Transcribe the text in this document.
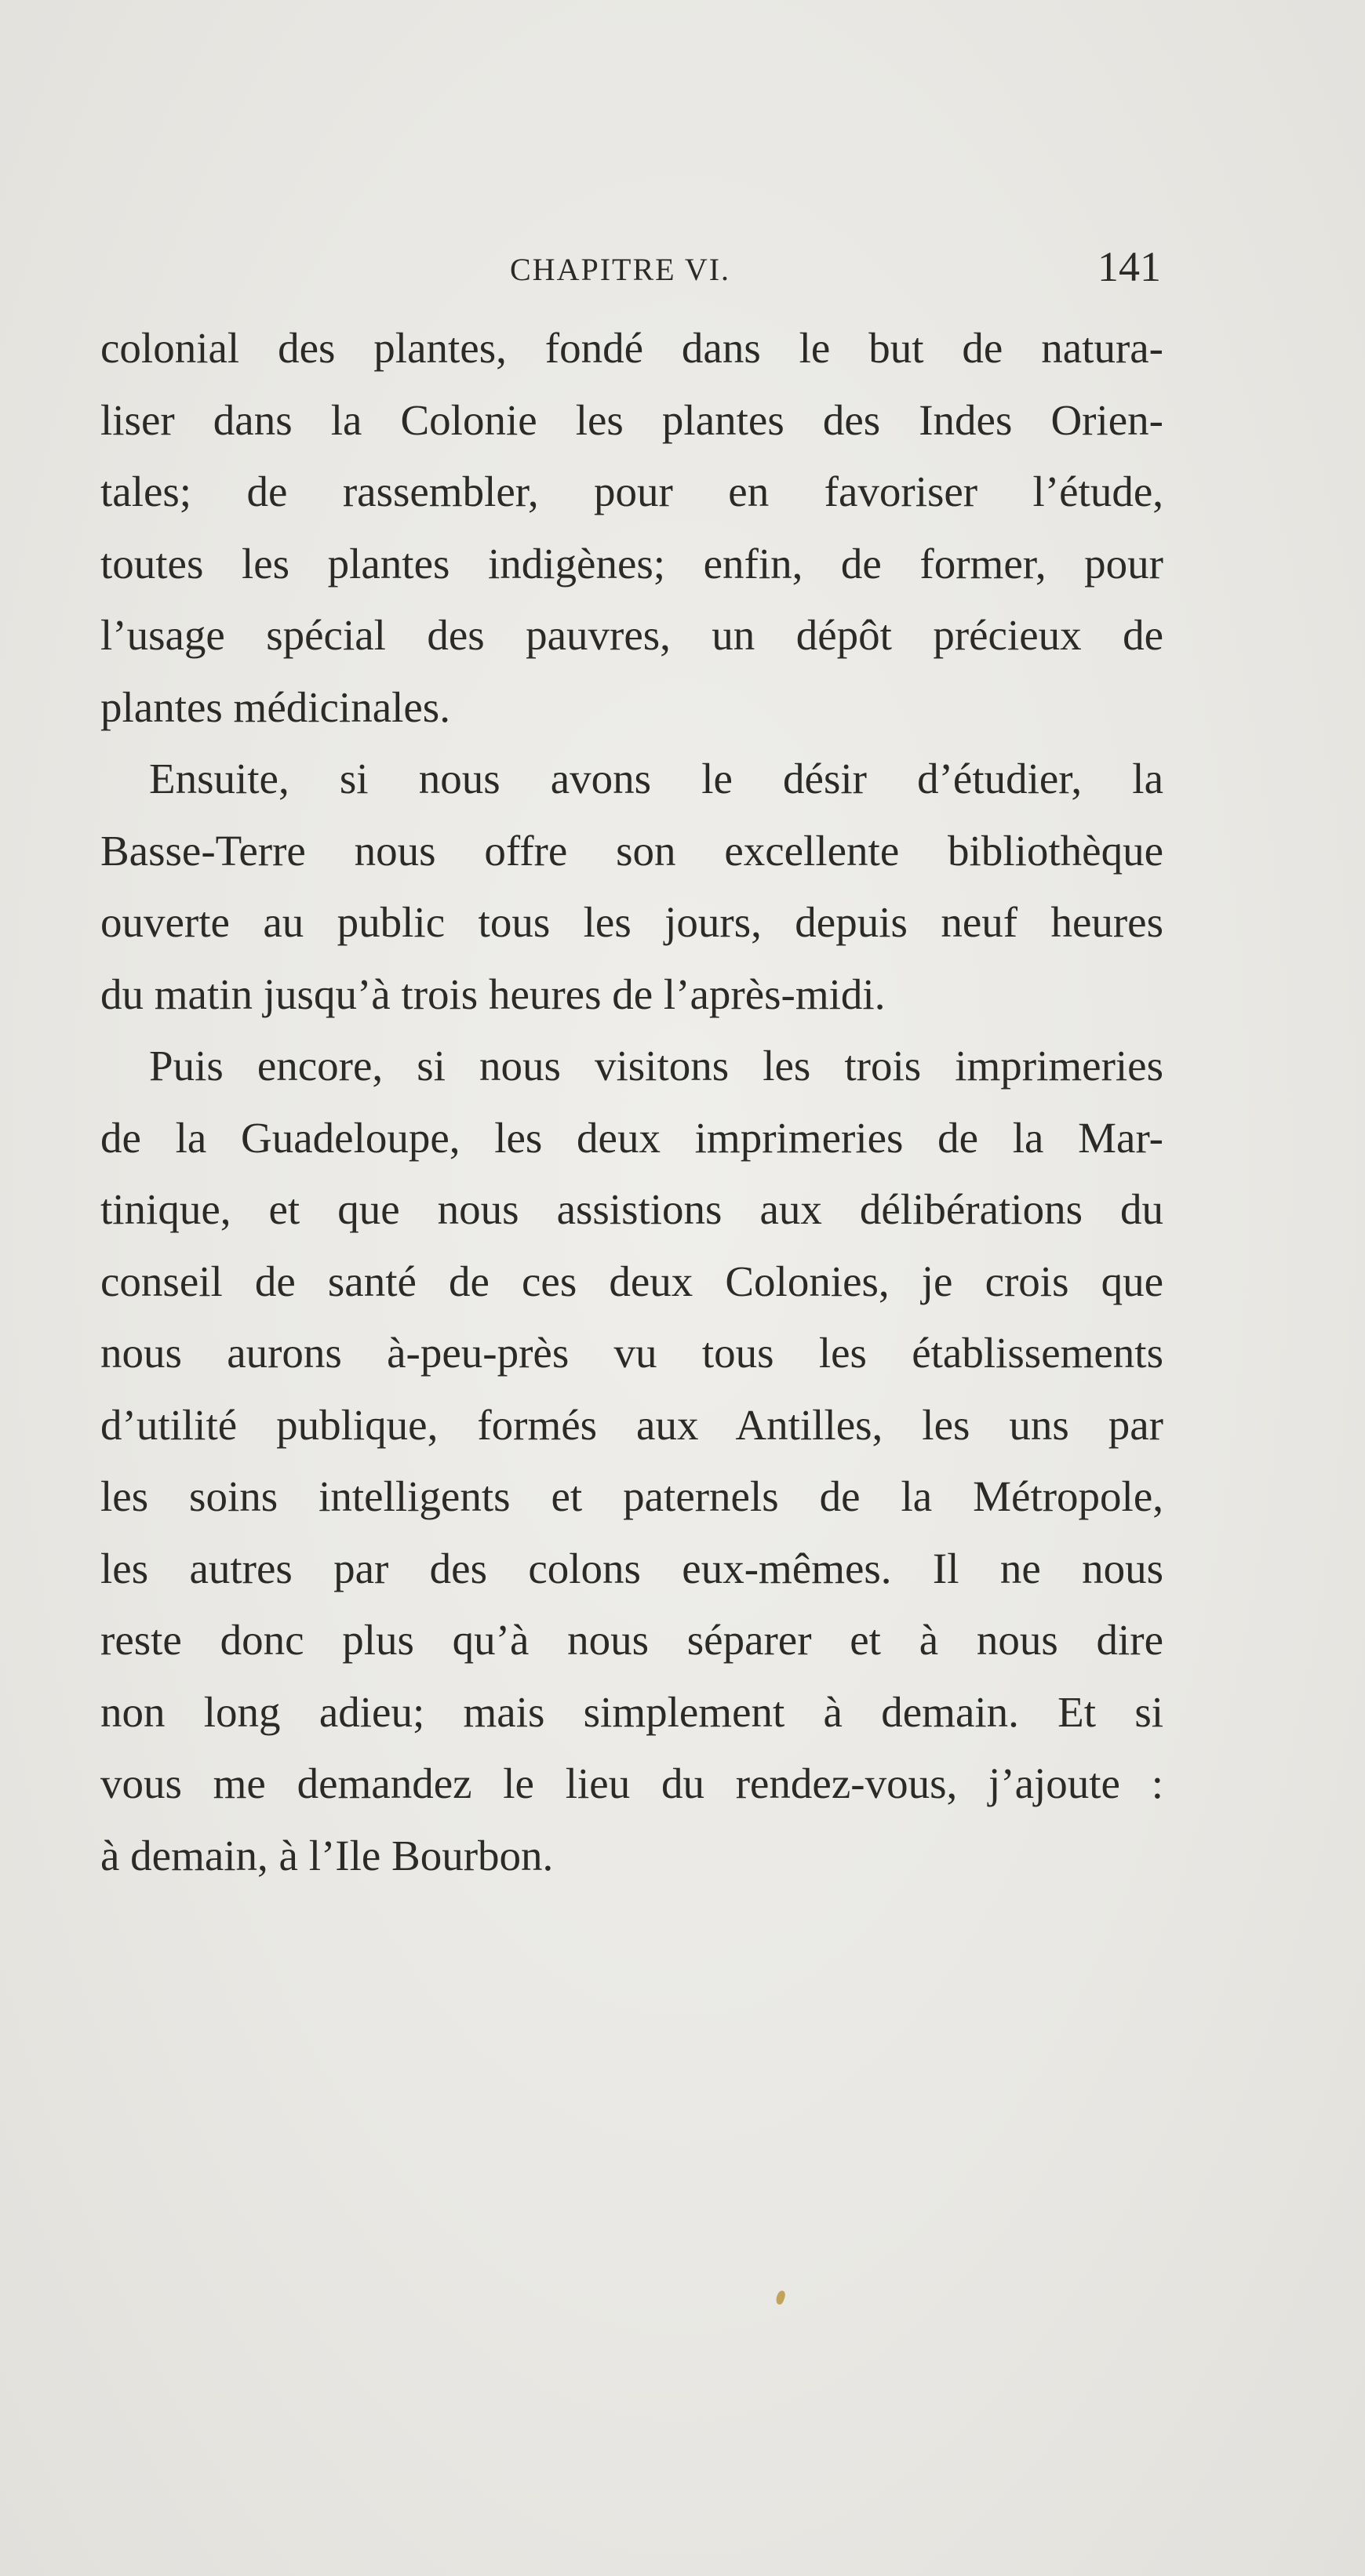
CHAPITRE VI.	141
colonial des plantes, fondé dans le but de natura-
liser dans la Colonie les plantes des Indes Orien-
tales; de rassembler, pour en favoriser l’étude,
toutes les plantes indigènes; enfin, de former, pour
l’usage spécial des pauvres, un dépôt précieux de
plantes médicinales.
Ensuite, si nous avons le désir d’étudier, la
Basse-Terre nous offre son excellente bibliothèque
ouverte au public tous les jours, depuis neuf heures
du matin jusqu’à trois heures de l’après-midi.
Puis encore, si nous visitons les trois imprimeries
de la Guadeloupe, les deux imprimeries de la Mar-
tinique, et que nous assistions aux délibérations du
conseil de santé de ces deux Colonies, je crois que
nous aurons à-peu-près vu tous les établissements
d’utilité publique, formés aux Antilles, les uns par
les soins intelligents et paternels de la Métropole,
les autres par des colons eux-mêmes. Il ne nous
reste donc plus qu’à nous séparer et à nous dire
non long adieu; mais simplement à demain. Et si
vous me demandez le lieu du rendez-vous, j’ajoute :
à demain, à l’Ile Bourbon.
